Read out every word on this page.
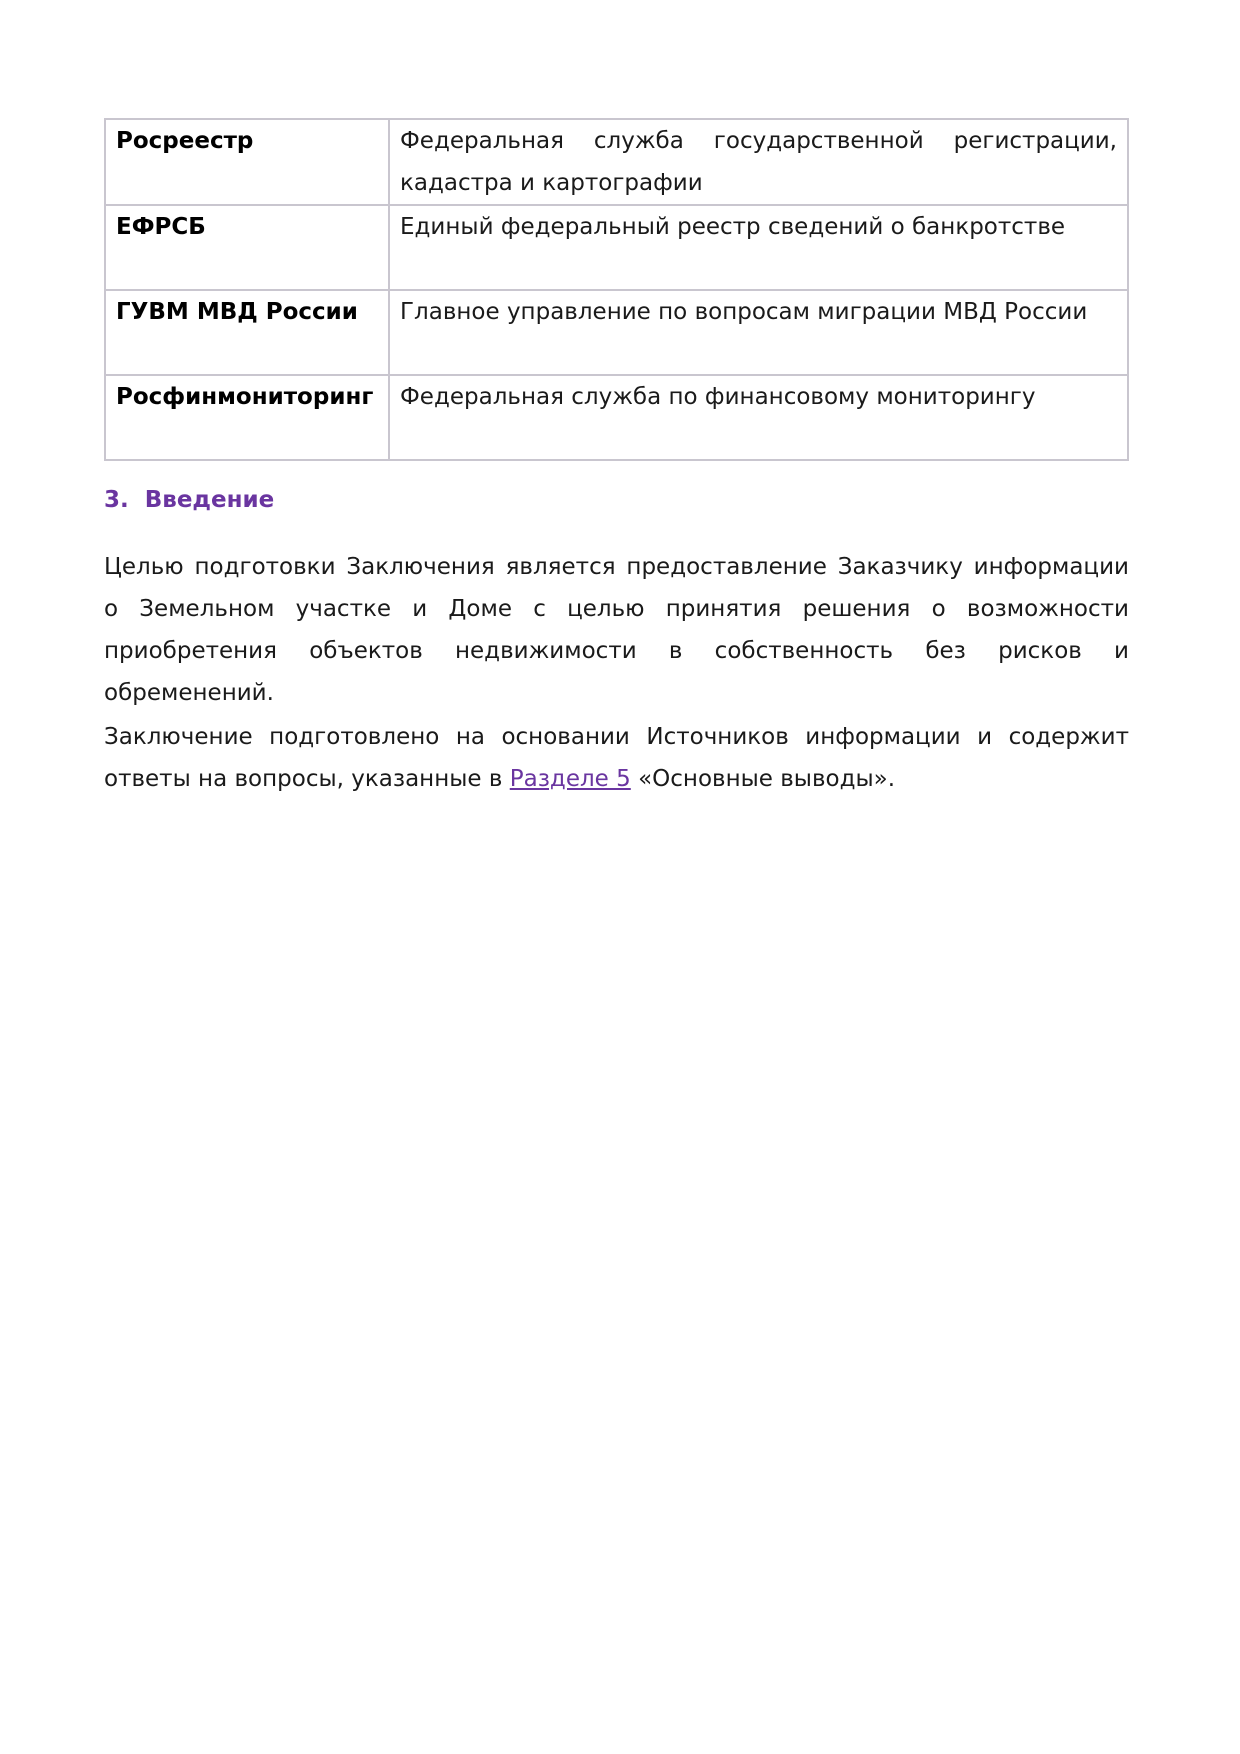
Росреестр	Федеральная служба государственной регистрации, кадастра и картографии
ЕФРСБ	Единый федеральный реестр сведений о банкротстве
ГУВМ МВД России	Главное управление по вопросам миграции МВД России
Росфинмониторинг	Федеральная служба по финансовому мониторингу
3. Введение

Целью подготовки Заключения является предоставление Заказчику информации о Земельном участке и Доме с целью принятия решения о возможности приобретения объектов недвижимости в собственность без рисков и обременений.

Заключение подготовлено на основании Источников информации и содержит ответы на вопросы, указанные в Разделе 5 «Основные выводы».
